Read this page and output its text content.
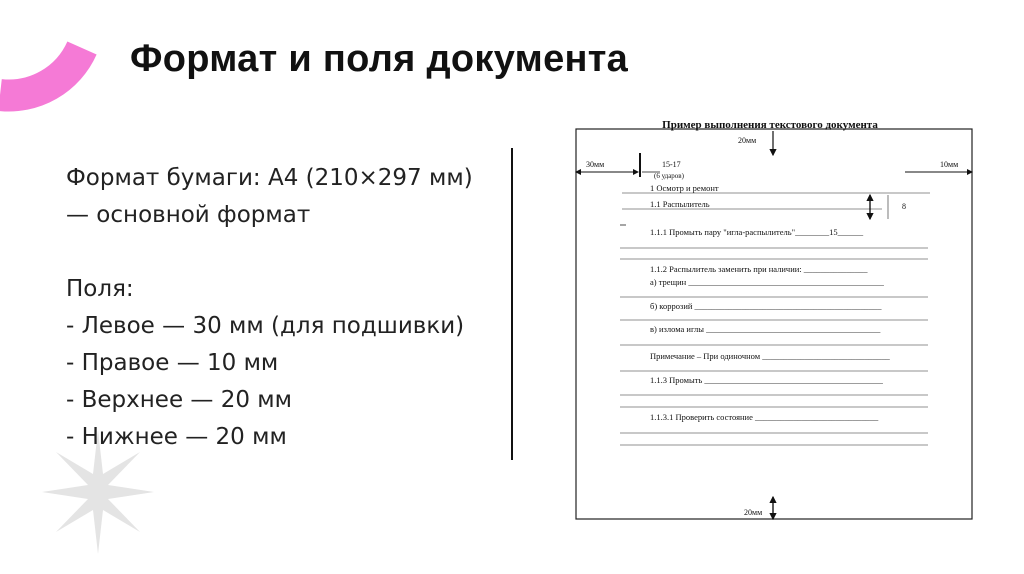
Формат и поля документа
Формат бумаги: А4 (210×297 мм)
— основной формат
Поля:
- Левое — 30 мм (для подшивки)
- Правое — 10 мм
- Верхнее — 20 мм
- Нижнее — 20 мм
Пример выполнения текстового документа
20мм
30мм	15-17
(6 ударов)
10мм
1 Осмотр и ремонт
1.1 Распылитель	8
1.1.1 Промыть пару "игла-распылитель"________15______
1.1.2 Распылитель заменить при наличии: _______________
а) трещин ______________________________________________
б) коррозий ____________________________________________
в) излома иглы _________________________________________
Примечание – При одиночном ______________________________
1.1.3 Промыть __________________________________________
1.1.3.1 Проверить состояние _____________________________
20мм
